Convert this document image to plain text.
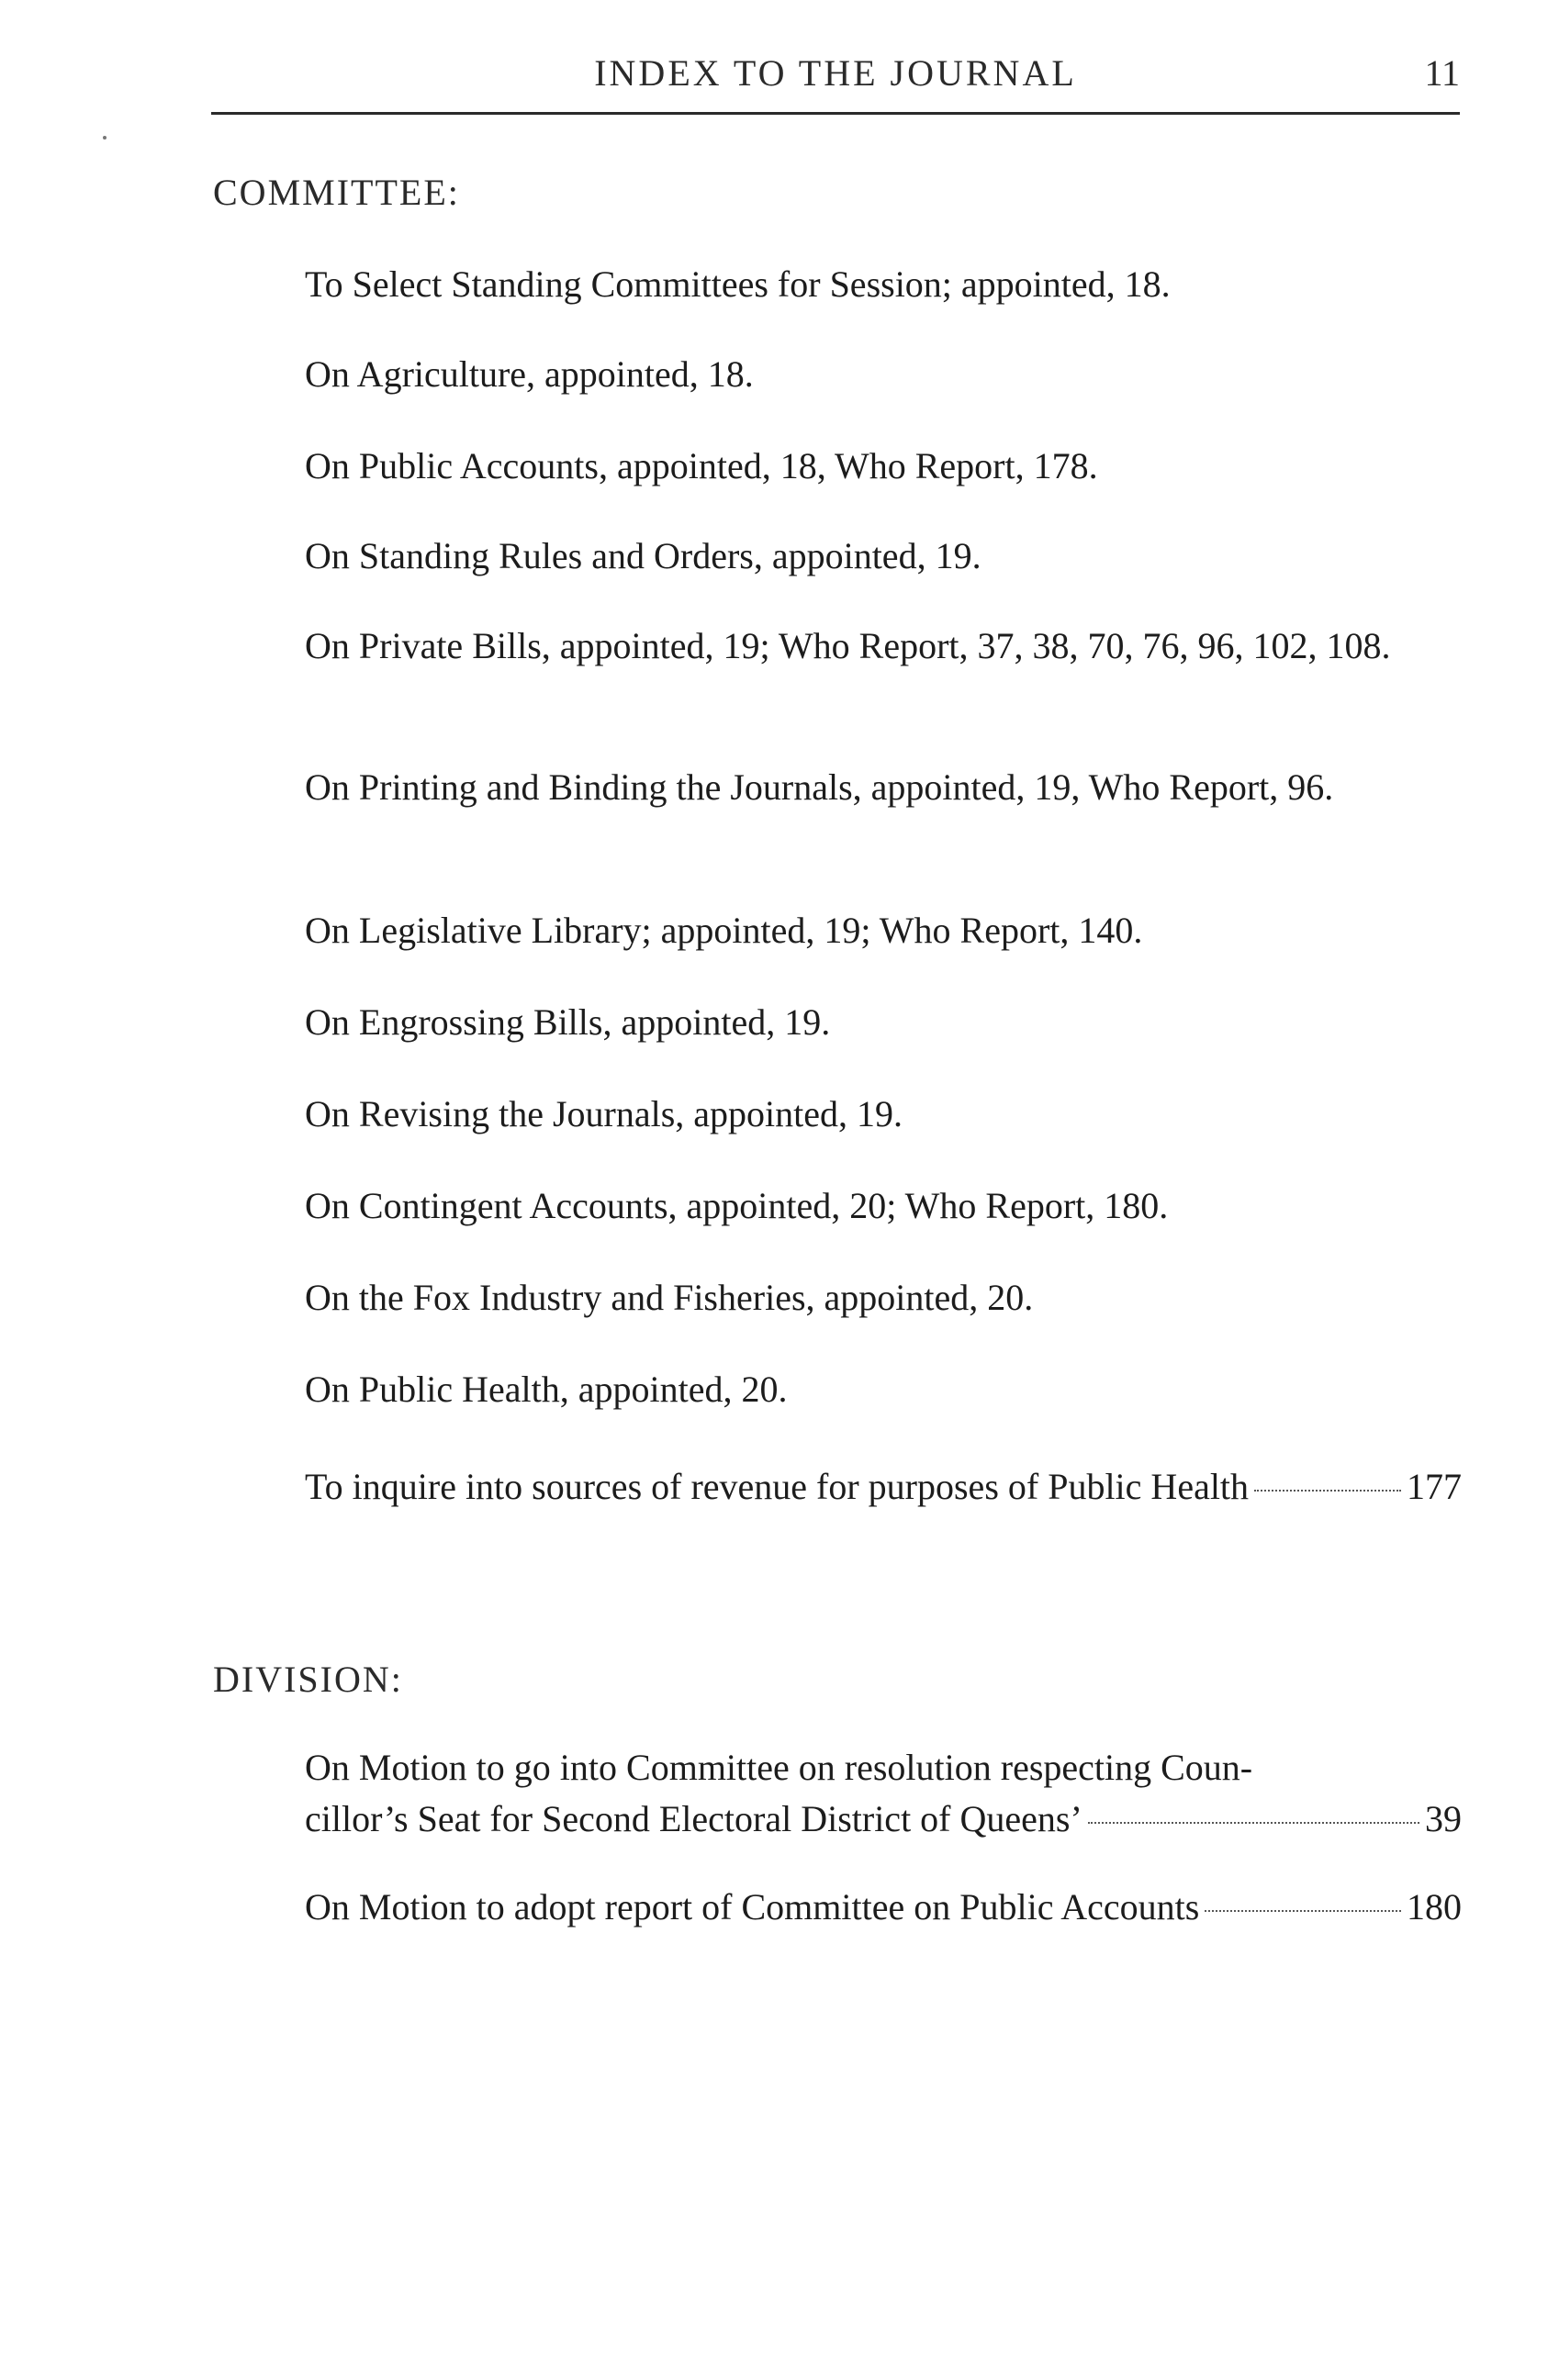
INDEX TO THE JOURNAL	11
COMMITTEE:
To Select Standing Committees for Session; appointed, 18.
On Agriculture, appointed, 18.
On Public Accounts, appointed, 18, Who Report, 178.
On Standing Rules and Orders, appointed, 19.
On Private Bills, appointed, 19; Who Report, 37, 38, 70, 76, 96, 102, 108.
On Printing and Binding the Journals, appointed, 19, Who Report, 96.
On Legislative Library; appointed, 19; Who Report, 140.
On Engrossing Bills, appointed, 19.
On Revising the Journals, appointed, 19.
On Contingent Accounts, appointed, 20; Who Report, 180.
On the Fox Industry and Fisheries, appointed, 20.
On Public Health, appointed, 20.
To inquire into sources of revenue for purposes of Public Health	177
DIVISION:
On Motion to go into Committee on resolution respecting Coun-
cillor’s Seat for Second Electoral District of Queens’	39
On Motion to adopt report of Committee on Public Accounts	180
